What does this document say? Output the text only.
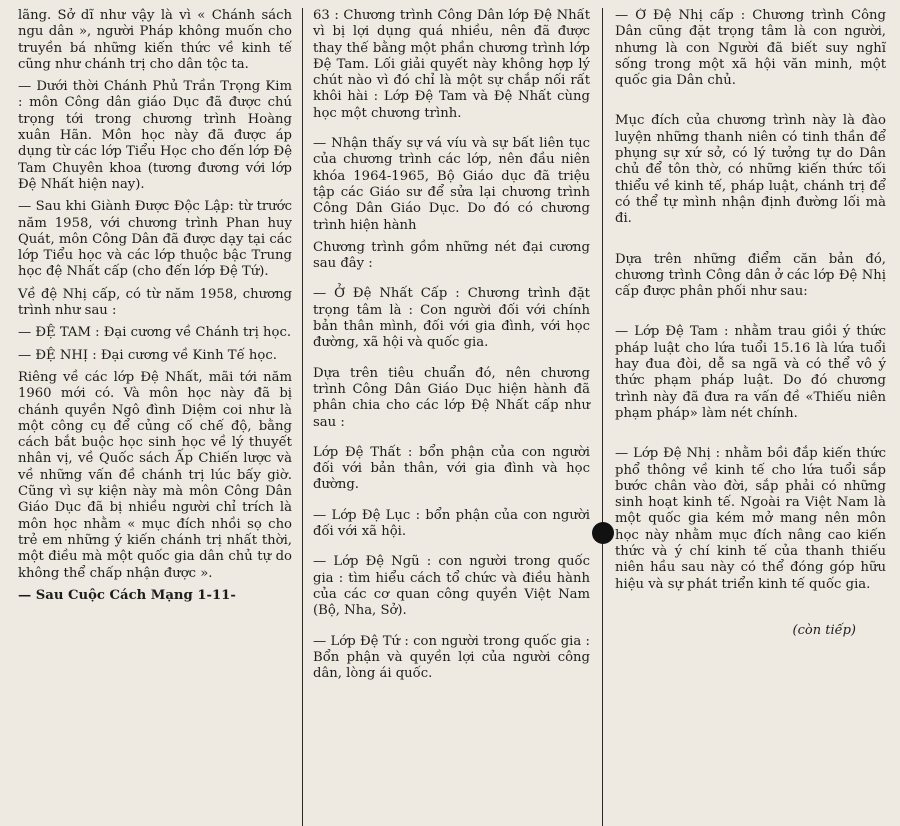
lãng. Sở dĩ như vậy là vì « Chánh sách ngu dân », người Pháp không muốn cho truyền bá những kiến thức về kinh tế cũng như chánh trị cho dân tộc ta.

— Dưới thời Chánh Phủ Trần Trọng Kim : môn Công dân giáo Dục đã được chú trọng tới trong chương trình Hoàng xuân Hãn. Môn học này đã được áp dụng từ các lớp Tiểu Học cho đến lớp Đệ Tam Chuyên khoa (tương đương với lớp Đệ Nhất hiện nay).

— Sau khi Giành Được Độc Lập: từ trước năm 1958, với chương trình Phan huy Quát, môn Công Dân đã được dạy tại các lớp Tiểu học và các lớp thuộc bậc Trung học đệ Nhất cấp (cho đến lớp Đệ Tứ).

Về đệ Nhị cấp, có từ năm 1958, chương trình như sau :

— ĐỆ TAM : Đại cương về Chánh trị học.

— ĐỆ NHỊ : Đại cương về Kinh Tế học.

Riêng về các lớp Đệ Nhất, mãi tới năm 1960 mới có. Và môn học này đã bị chánh quyền Ngô đình Diệm coi như là một công cụ để củng cố chế độ, bằng cách bắt buộc học sinh học về lý thuyết nhân vị, về Quốc sách Ấp Chiến lược và về những vấn đề chánh trị lúc bấy giờ. Cũng vì sự kiện này mà môn Công Dân Giáo Dục đã bị nhiều người chỉ trích là môn học nhằm « mục đích nhồi sọ cho trẻ em những ý kiến chánh trị nhất thời, một điều mà một quốc gia dân chủ tự do không thể chấp nhận được ».

— Sau Cuộc Cách Mạng 1-11-

63 : Chương trình Công Dân lớp Đệ Nhất vì bị lợi dụng quá nhiều, nên đã được thay thế bằng một phần chương trình lớp Đệ Tam. Lối giải quyết này không hợp lý chút nào vì đó chỉ là một sự chắp nối rất khôi hài : Lớp Đệ Tam và Đệ Nhất cùng học một chương trình.

— Nhận thấy sự vá víu và sự bất liên tục của chương trình các lớp, nên đầu niên khóa 1964-1965, Bộ Giáo dục đã triệu tập các Giáo sư để sửa lại chương trình Công Dân Giáo Dục. Do đó có chương trình hiện hành

Chương trình gồm những nét đại cương sau đây :

— Ở Đệ Nhất Cấp : Chương trình đặt trọng tâm là : Con người đối với chính bản thân mình, đối với gia đình, với học đường, xã hội và quốc gia.

Dựa trên tiêu chuẩn đó, nên chương trình Công Dân Giáo Dục hiện hành đã phân chia cho các lớp Đệ Nhất cấp như sau :

Lớp Đệ Thất : bổn phận của con người đối với bản thân, với gia đình và học đường.

— Lớp Đệ Lục : bổn phận của con người đối với xã hội.

— Lớp Đệ Ngũ : con người trong quốc gia : tìm hiểu cách tổ chức và điều hành của các cơ quan công quyền Việt Nam (Bộ, Nha, Sở).

— Lớp Đệ Tứ : con người trong quốc gia : Bổn phận và quyền lợi của người công dân, lòng ái quốc.

— Ở Đệ Nhị cấp : Chương trình Công Dân cũng đặt trọng tâm là con người, nhưng là con Người đã biết suy nghĩ sống trong một xã hội văn minh, một quốc gia Dân chủ.

Mục đích của chương trình này là đào luyện những thanh niên có tinh thần để phụng sự xứ sở, có lý tưởng tự do Dân chủ để tôn thờ, có những kiến thức tối thiểu về kinh tế, pháp luật, chánh trị để có thể tự mình nhận định đường lối mà đi.

Dựa trên những điểm căn bản đó, chương trình Công dân ở các lớp Đệ Nhị cấp được phân phối như sau:

— Lớp Đệ Tam : nhằm trau giồi ý thức pháp luật cho lứa tuổi 15.16 là lứa tuổi hay đua đòi, dễ sa ngã và có thể vô ý thức phạm pháp luật. Do đó chương trình này đã đưa ra vấn đề «Thiếu niên phạm pháp» làm nét chính.

— Lớp Đệ Nhị : nhằm bồi đắp kiến thức phổ thông về kinh tế cho lứa tuổi sắp bước chân vào đời, sắp phải có những sinh hoạt kinh tế. Ngoài ra Việt Nam là một quốc gia kém mở mang nên môn học này nhằm mục đích nâng cao kiến thức và ý chí kinh tế của thanh thiếu niên hầu sau này có thể đóng góp hữu hiệu và sự phát triển kinh tế quốc gia.

(còn tiếp)
